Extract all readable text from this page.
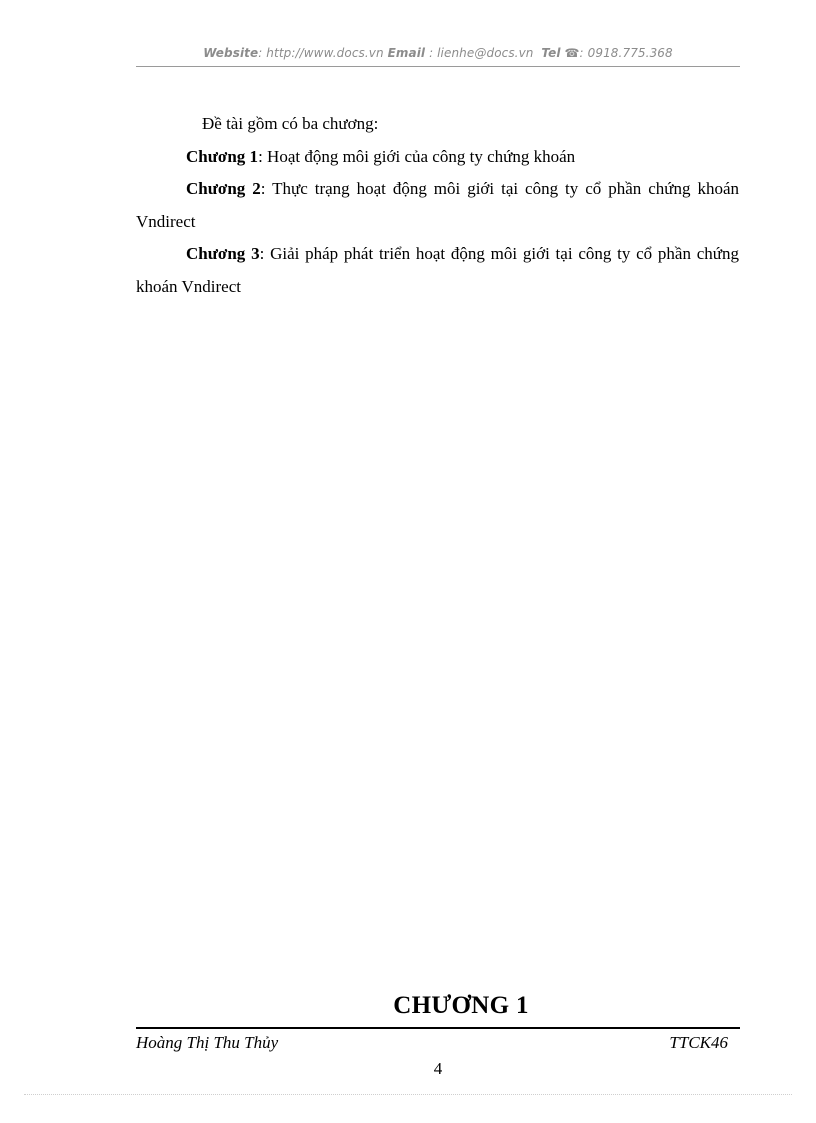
Website: http://www.docs.vn Email : lienhe@docs.vn Tel ☎: 0918.775.368

Đề tài gồm có ba chương:

Chương 1: Hoạt động môi giới của công ty chứng khoán

Chương 2: Thực trạng hoạt động môi giới tại công ty cổ phần chứng khoán Vndirect

Chương 3: Giải pháp phát triển hoạt động môi giới tại công ty cổ phần chứng khoán Vndirect

CHƯƠNG 1
Hoàng Thị Thu Thủy	TTCK46
4
